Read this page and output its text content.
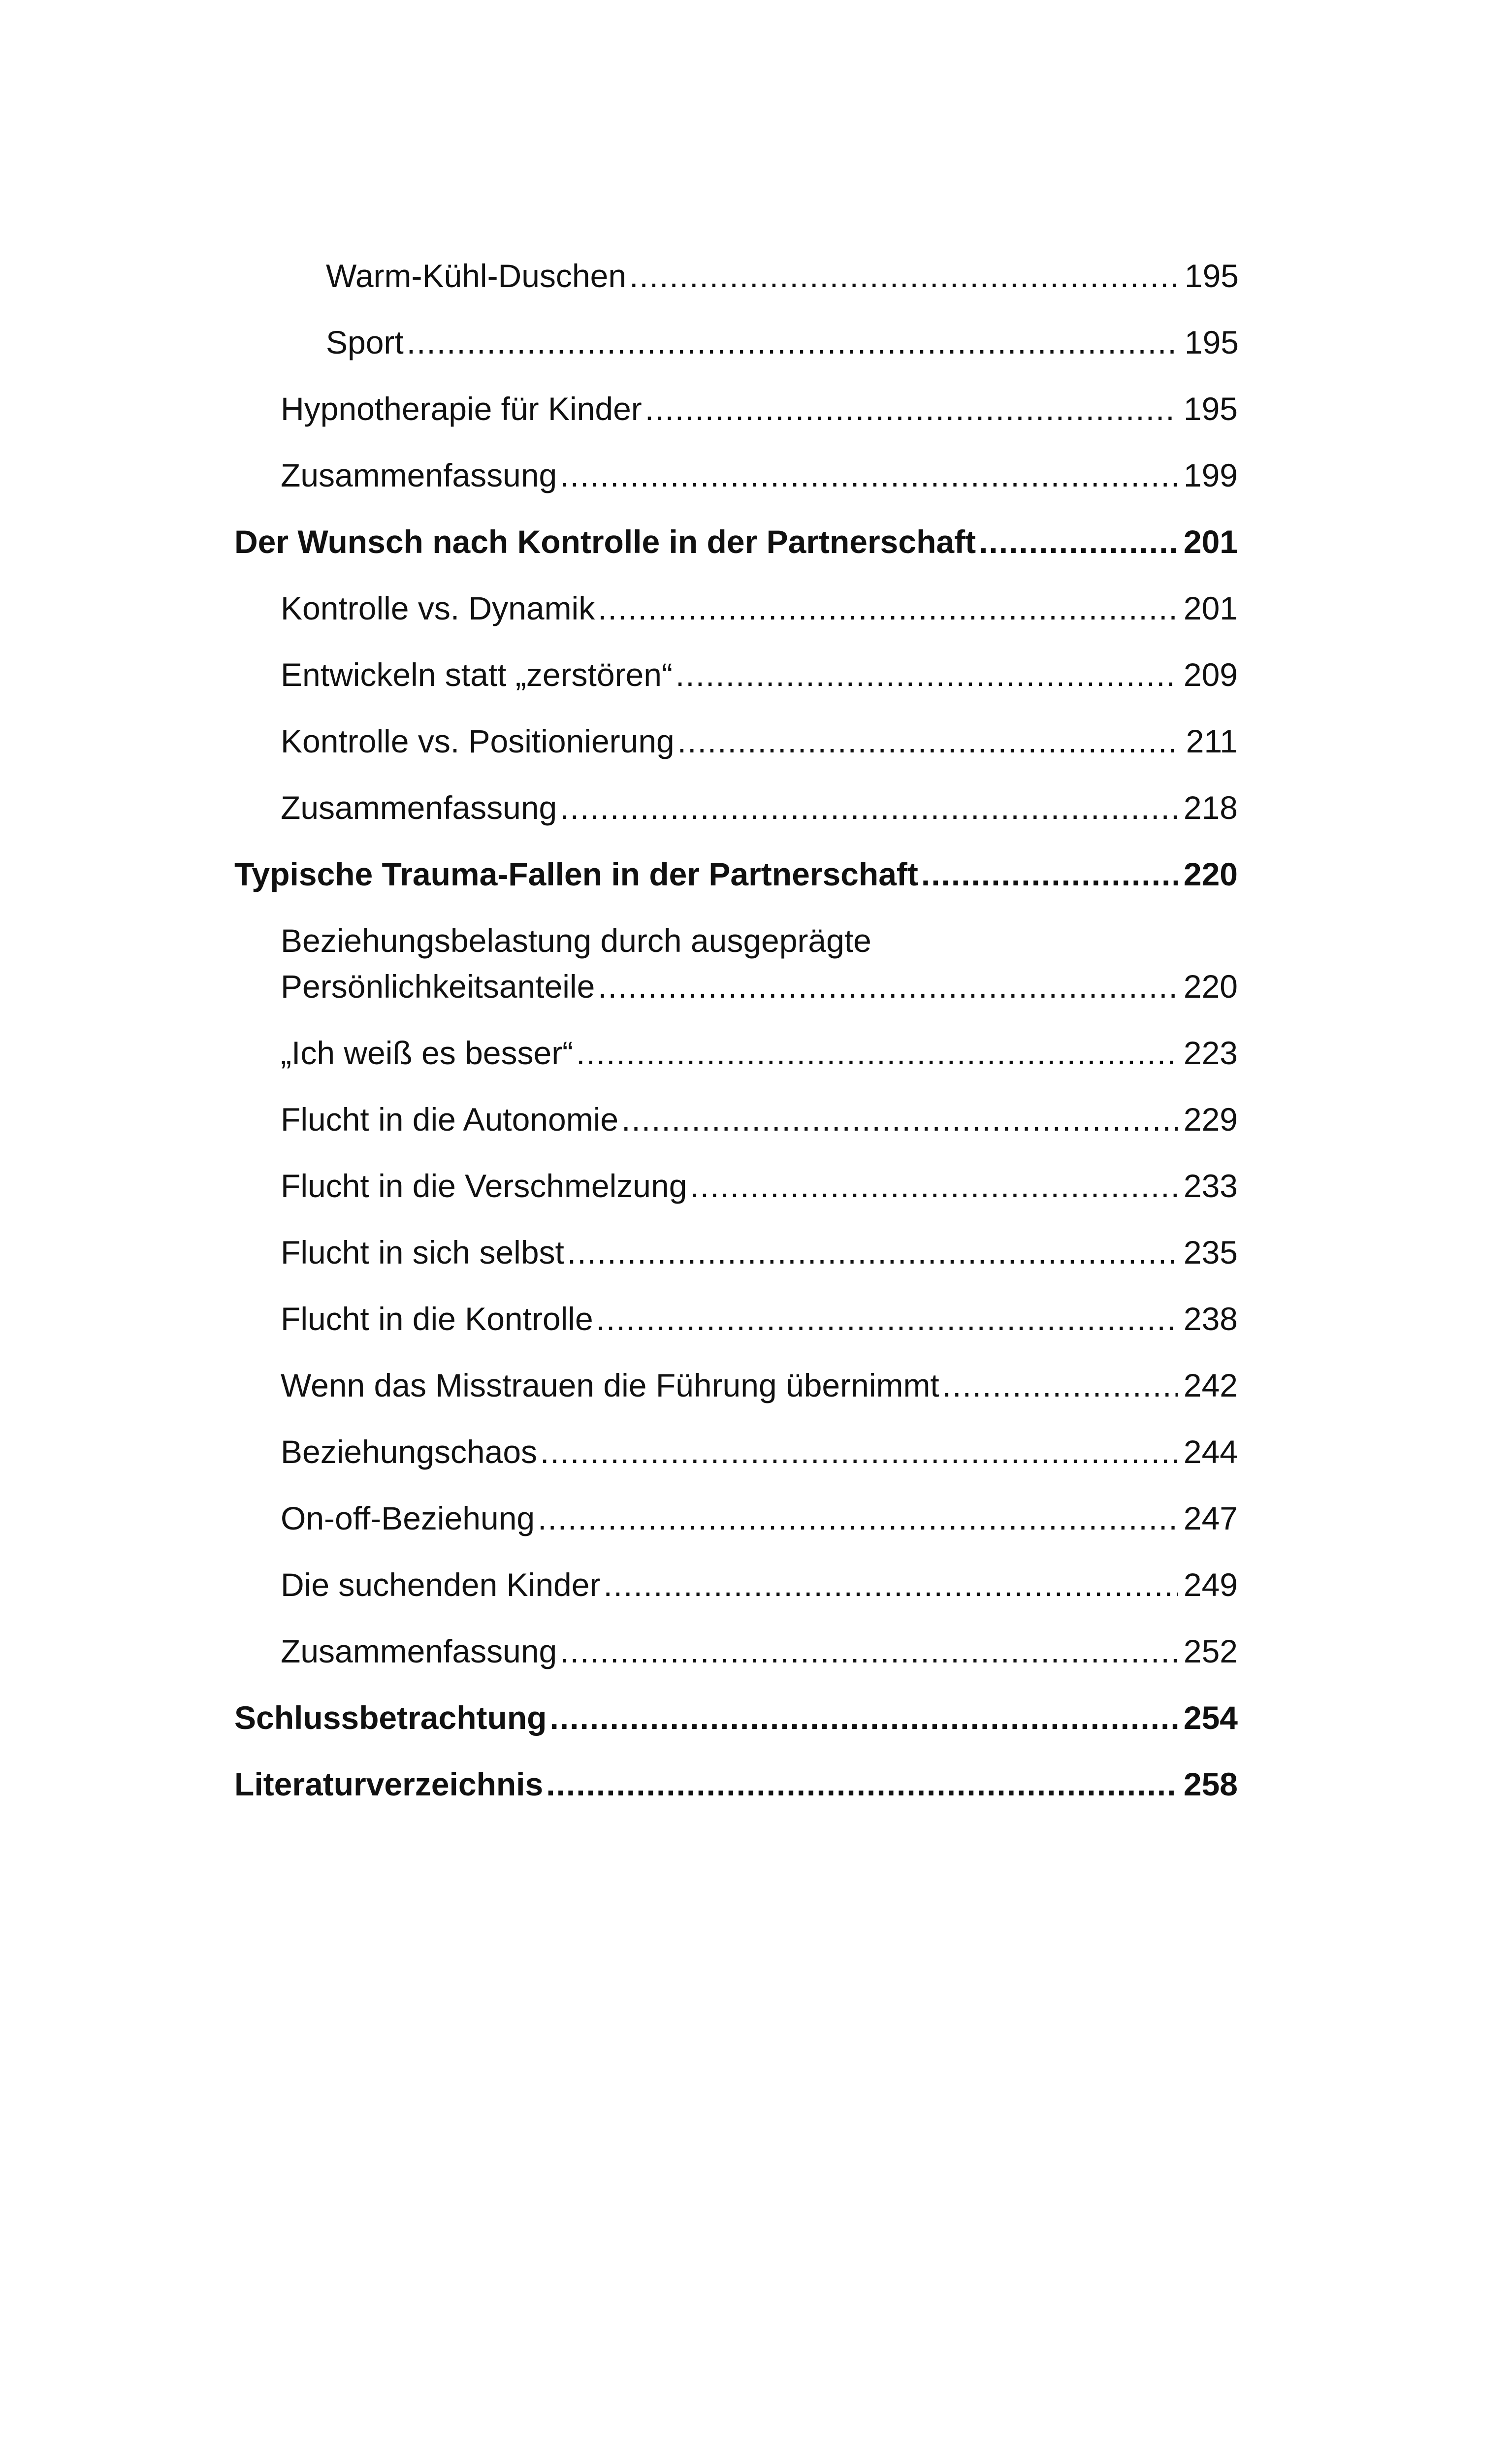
Warm-Kühl-Duschen .....	195
Sport .....	195
Hypnotherapie für Kinder .....	195
Zusammenfassung .....	199
Der Wunsch nach Kontrolle in der Partnerschaft .....	201
Kontrolle vs. Dynamik .....	201
Entwickeln statt „zerstören“ .....	209
Kontrolle vs. Positionierung .....	211
Zusammenfassung .....	218
Typische Trauma-Fallen in der Partnerschaft .....	220
Beziehungsbelastung durch ausgeprägte
Persönlichkeitsanteile .....	220
„Ich weiß es besser“ .....	223
Flucht in die Autonomie .....	229
Flucht in die Verschmelzung .....	233
Flucht in sich selbst .....	235
Flucht in die Kontrolle .....	238
Wenn das Misstrauen die Führung übernimmt .....	242
Beziehungschaos .....	244
On-off-Beziehung .....	247
Die suchenden Kinder .....	249
Zusammenfassung .....	252
Schlussbetrachtung .....	254
Literaturverzeichnis .....	258
